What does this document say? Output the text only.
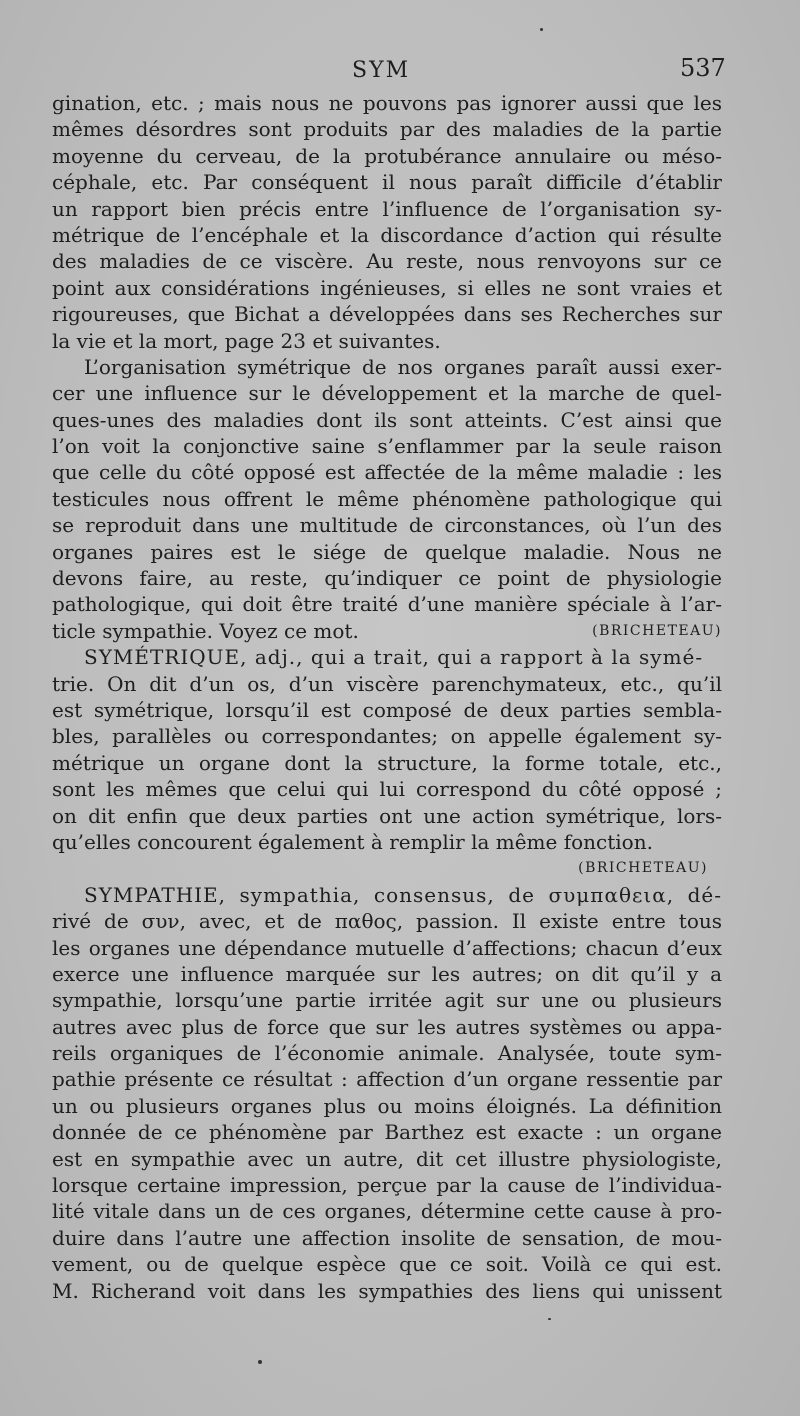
SYM	537
gination, etc. ; mais nous ne pouvons pas ignorer aussi que les
mêmes désordres sont produits par des maladies de la partie
moyenne du cerveau, de la protubérance annulaire ou méso-
céphale, etc. Par conséquent il nous paraît difficile d’établir
un rapport bien précis entre l’influence de l’organisation sy-
métrique de l’encéphale et la discordance d’action qui résulte
des maladies de ce viscère. Au reste, nous renvoyons sur ce
point aux considérations ingénieuses, si elles ne sont vraies et
rigoureuses, que Bichat a développées dans ses Recherches sur
la vie et la mort, page 23 et suivantes.
L’organisation symétrique de nos organes paraît aussi exer-
cer une influence sur le développement et la marche de quel-
ques-unes des maladies dont ils sont atteints. C’est ainsi que
l’on voit la conjonctive saine s’enflammer par la seule raison
que celle du côté opposé est affectée de la même maladie : les
testicules nous offrent le même phénomène pathologique qui
se reproduit dans une multitude de circonstances, où l’un des
organes paires est le siége de quelque maladie. Nous ne
devons faire, au reste, qu’indiquer ce point de physiologie
pathologique, qui doit être traité d’une manière spéciale à l’ar-
(BRICHETEAU)
ticle sympathie. Voyez ce mot.
SYMÉTRIQUE, adj., qui a trait, qui a rapport à la symé-
trie. On dit d’un os, d’un viscère parenchymateux, etc., qu’il
est symétrique, lorsqu’il est composé de deux parties sembla-
bles, parallèles ou correspondantes; on appelle également sy-
métrique un organe dont la structure, la forme totale, etc.,
sont les mêmes que celui qui lui correspond du côté opposé ;
on dit enfin que deux parties ont une action symétrique, lors-
qu’elles concourent également à remplir la même fonction.
(BRICHETEAU)
SYMPATHIE, sympathia, consensus, de συμπαθεια, dé-
rivé de συν, avec, et de παθος, passion. Il existe entre tous
les organes une dépendance mutuelle d’affections; chacun d’eux
exerce une influence marquée sur les autres; on dit qu’il y a
sympathie, lorsqu’une partie irritée agit sur une ou plusieurs
autres avec plus de force que sur les autres systèmes ou appa-
reils organiques de l’économie animale. Analysée, toute sym-
pathie présente ce résultat : affection d’un organe ressentie par
un ou plusieurs organes plus ou moins éloignés. La définition
donnée de ce phénomène par Barthez est exacte : un organe
est en sympathie avec un autre, dit cet illustre physiologiste,
lorsque certaine impression, perçue par la cause de l’individua-
lité vitale dans un de ces organes, détermine cette cause à pro-
duire dans l’autre une affection insolite de sensation, de mou-
vement, ou de quelque espèce que ce soit. Voilà ce qui est.
M. Richerand voit dans les sympathies des liens qui unissent
